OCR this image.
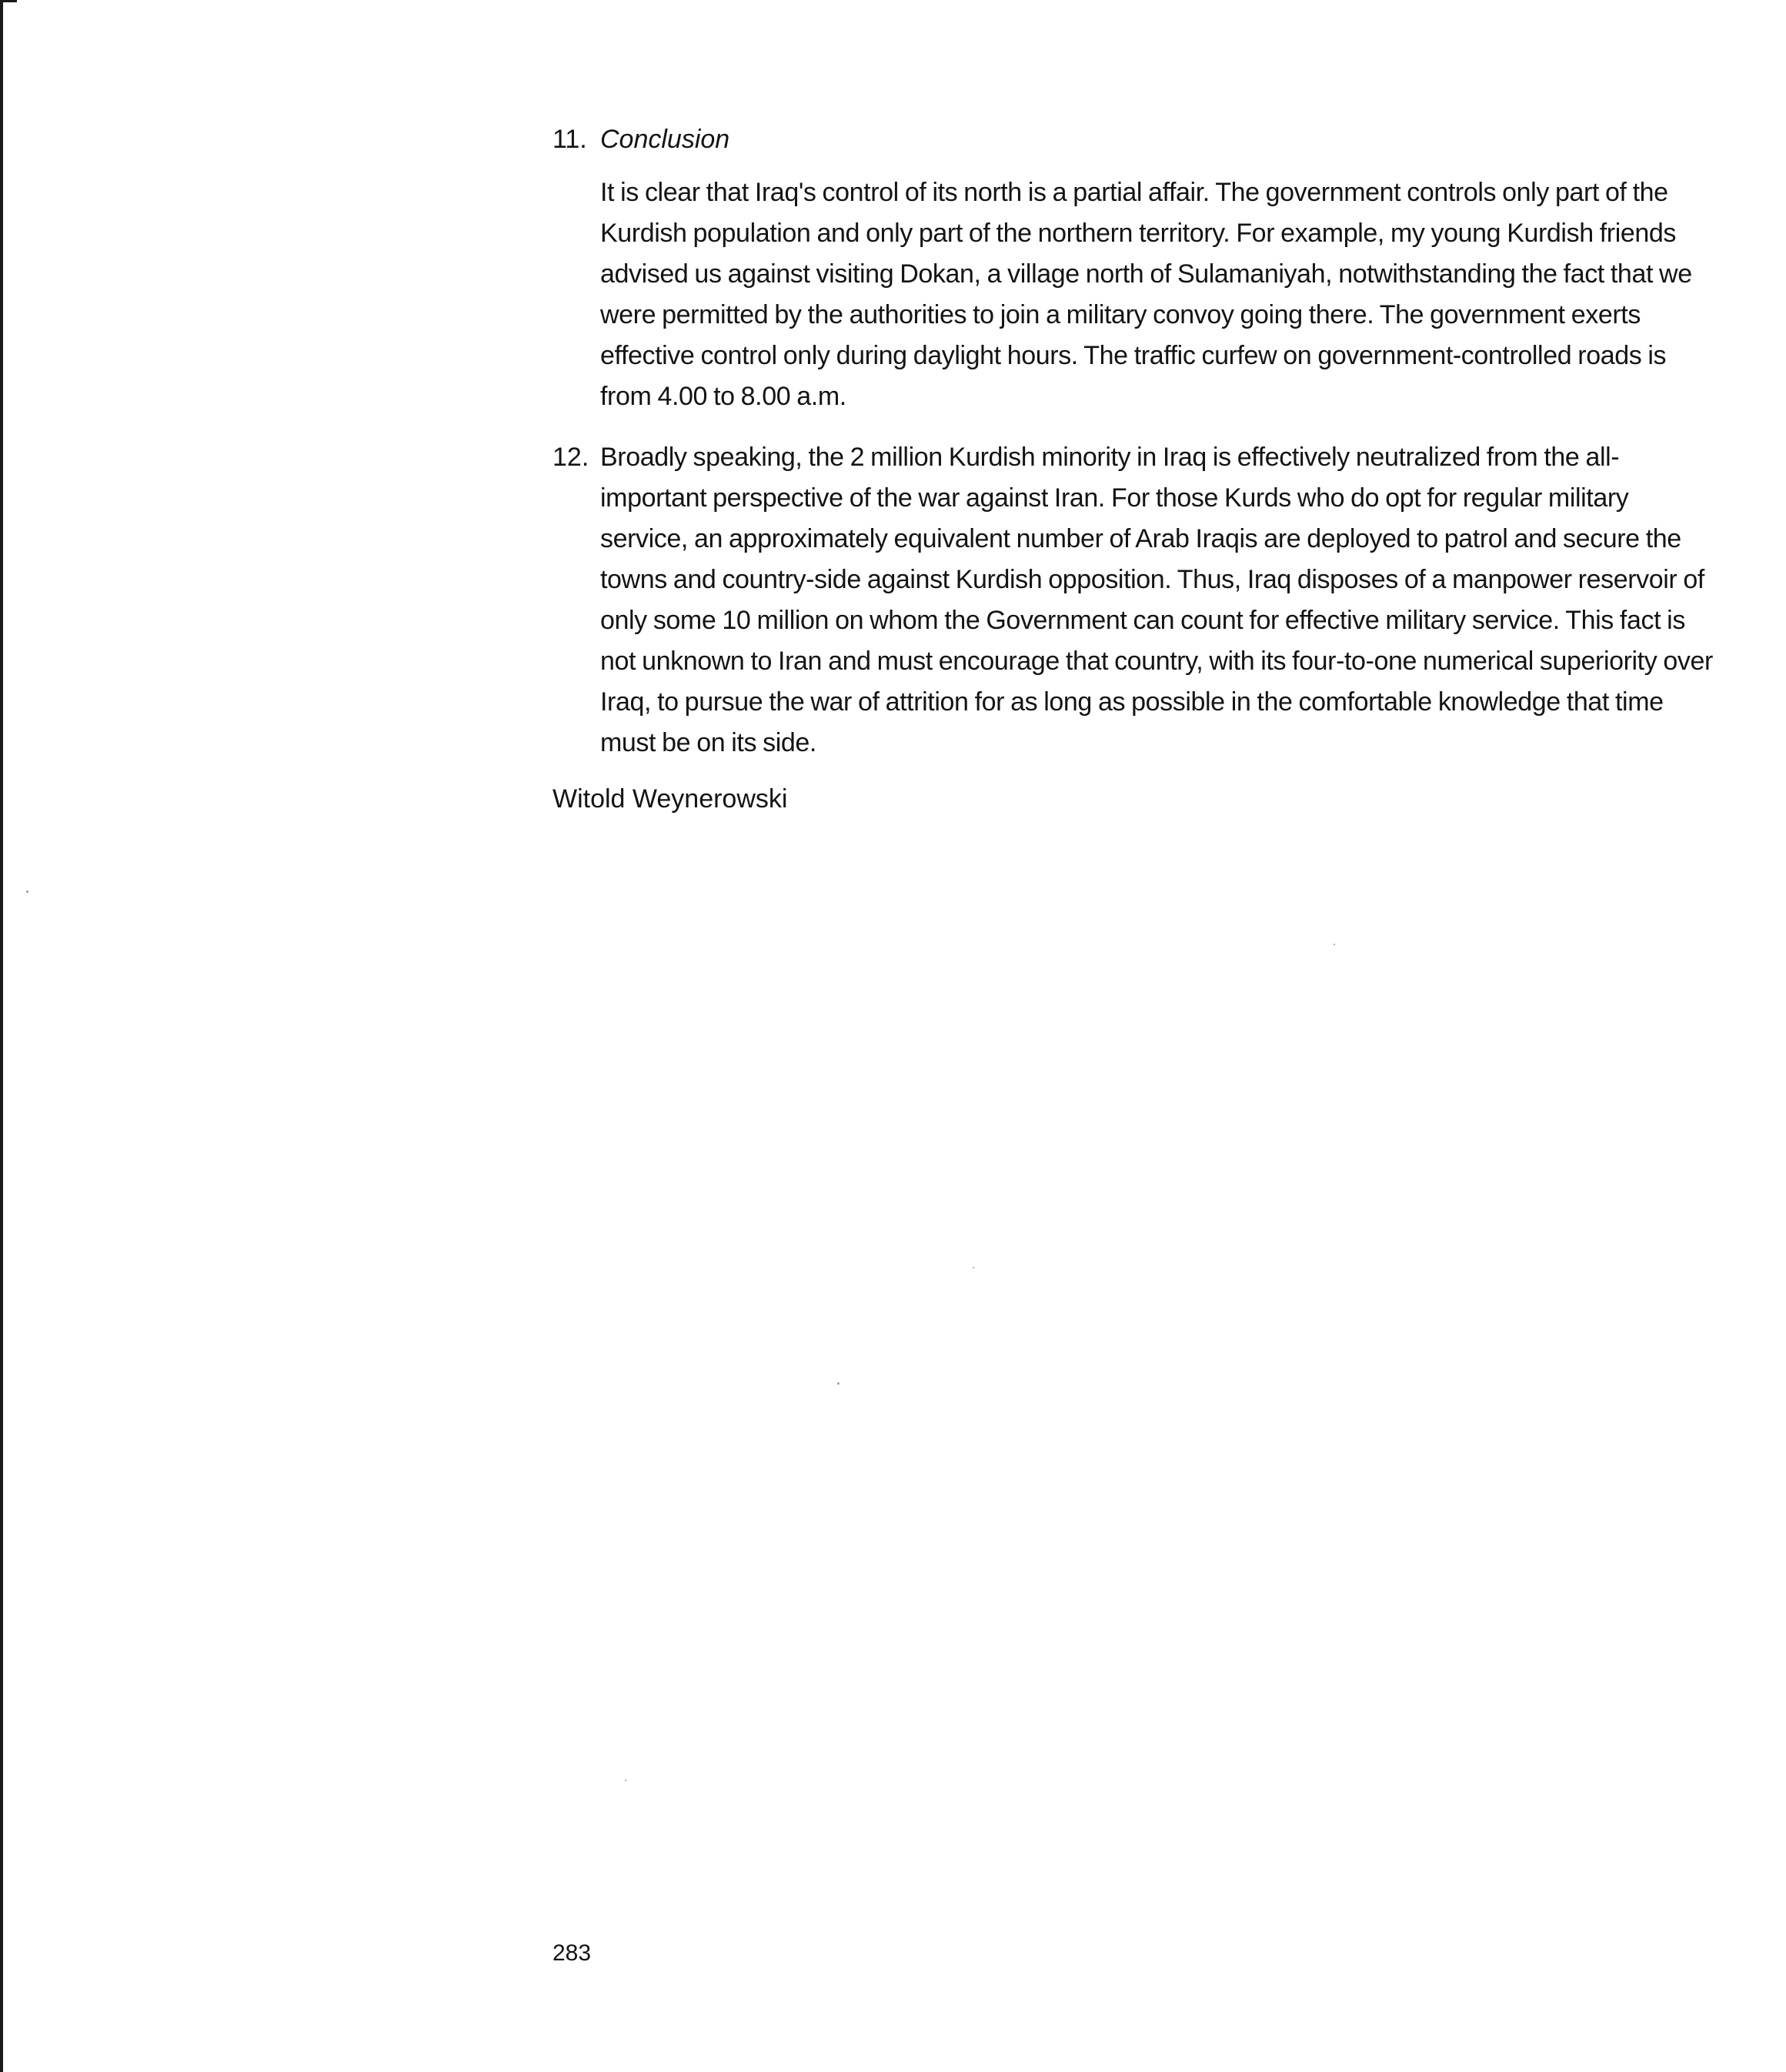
11. Conclusion

It is clear that Iraq's control of its north is a partial affair. The government controls only part of the Kurdish population and only part of the northern territory. For example, my young Kurdish friends advised us against visiting Dokan, a village north of Sulamaniyah, notwithstanding the fact that we were permitted by the authorities to join a military convoy going there. The government exerts effective control only during daylight hours. The traffic curfew on government-controlled roads is from 4.00 to 8.00 a.m.

12. Broadly speaking, the 2 million Kurdish minority in Iraq is effectively neutralized from the all-important perspective of the war against Iran. For those Kurds who do opt for regular military service, an approximately equivalent number of Arab Iraqis are deployed to patrol and secure the towns and country-side against Kurdish opposition. Thus, Iraq disposes of a manpower reservoir of only some 10 million on whom the Government can count for effective military service. This fact is not unknown to Iran and must encourage that country, with its four-to-one numerical superiority over Iraq, to pursue the war of attrition for as long as possible in the comfortable knowledge that time must be on its side.

Witold Weynerowski
283
